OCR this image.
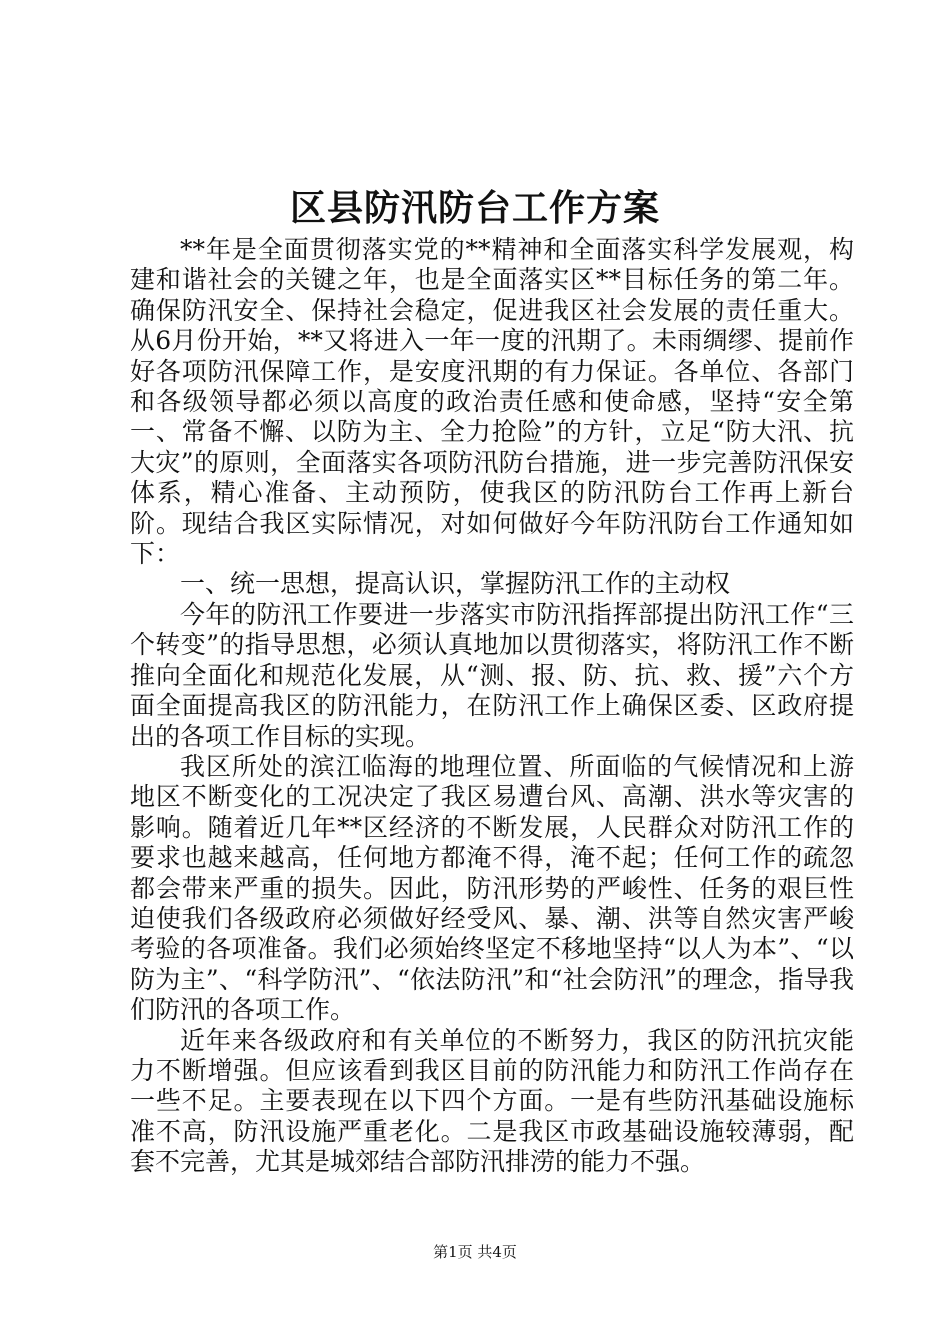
区县防汛防台工作方案

**年是全面贯彻落实党的**精神和全面落实科学发展观，构建和谐社会的关键之年，也是全面落实区**目标任务的第二年。确保防汛安全、保持社会稳定，促进我区社会发展的责任重大。从6月份开始，**又将进入一年一度的汛期了。未雨绸缪、提前作好各项防汛保障工作，是安度汛期的有力保证。各单位、各部门和各级领导都必须以高度的政治责任感和使命感，坚持“安全第一、常备不懈、以防为主、全力抢险”的方针，立足“防大汛、抗大灾”的原则，全面落实各项防汛防台措施，进一步完善防汛保安体系，精心准备、主动预防，使我区的防汛防台工作再上新台阶。现结合我区实际情况，对如何做好今年防汛防台工作通知如下：

一、统一思想，提高认识，掌握防汛工作的主动权

今年的防汛工作要进一步落实市防汛指挥部提出防汛工作“三个转变”的指导思想，必须认真地加以贯彻落实，将防汛工作不断推向全面化和规范化发展，从“测、报、防、抗、救、援”六个方面全面提高我区的防汛能力，在防汛工作上确保区委、区政府提出的各项工作目标的实现。

我区所处的滨江临海的地理位置、所面临的气候情况和上游地区不断变化的工况决定了我区易遭台风、高潮、洪水等灾害的影响。随着近几年**区经济的不断发展，人民群众对防汛工作的要求也越来越高，任何地方都淹不得，淹不起；任何工作的疏忽都会带来严重的损失。因此，防汛形势的严峻性、任务的艰巨性迫使我们各级政府必须做好经受风、暴、潮、洪等自然灾害严峻考验的各项准备。我们必须始终坚定不移地坚持“以人为本”、“以防为主”、“科学防汛”、“依法防汛”和“社会防汛”的理念，指导我们防汛的各项工作。

近年来各级政府和有关单位的不断努力，我区的防汛抗灾能力不断增强。但应该看到我区目前的防汛能力和防汛工作尚存在一些不足。主要表现在以下四个方面。一是有些防汛基础设施标准不高，防汛设施严重老化。二是我区市政基础设施较薄弱，配套不完善，尤其是城郊结合部防汛排涝的能力不强。

第1页 共4页
